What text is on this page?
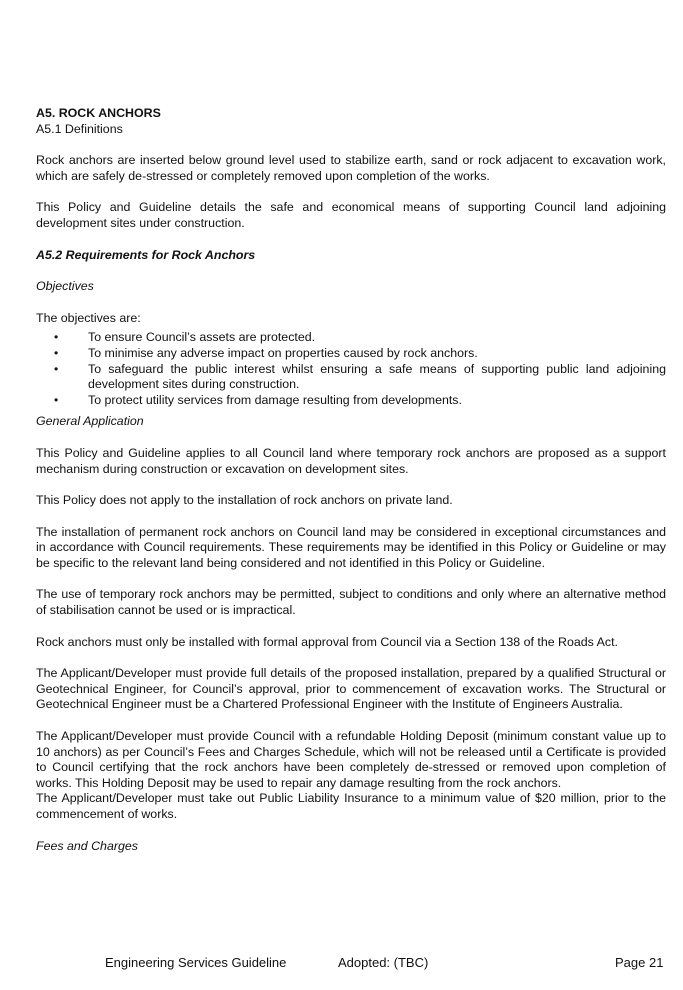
A5. ROCK ANCHORS

A5.1 Definitions

Rock anchors are inserted below ground level used to stabilize earth, sand or rock adjacent to excavation work, which are safely de-stressed or completely removed upon completion of the works.

This Policy and Guideline details the safe and economical means of supporting Council land adjoining development sites under construction.

A5.2 Requirements for Rock Anchors

Objectives

The objectives are:

• To ensure Council’s assets are protected.
• To minimise any adverse impact on properties caused by rock anchors.
• To safeguard the public interest whilst ensuring a safe means of supporting public land adjoining development sites during construction.
• To protect utility services from damage resulting from developments.

General Application

This Policy and Guideline applies to all Council land where temporary rock anchors are proposed as a support mechanism during construction or excavation on development sites.

This Policy does not apply to the installation of rock anchors on private land.

The installation of permanent rock anchors on Council land may be considered in exceptional circumstances and in accordance with Council requirements. These requirements may be identified in this Policy or Guideline or may be specific to the relevant land being considered and not identified in this Policy or Guideline.

The use of temporary rock anchors may be permitted, subject to conditions and only where an alternative method of stabilisation cannot be used or is impractical.

Rock anchors must only be installed with formal approval from Council via a Section 138 of the Roads Act.

The Applicant/Developer must provide full details of the proposed installation, prepared by a qualified Structural or Geotechnical Engineer, for Council’s approval, prior to commencement of excavation works. The Structural or Geotechnical Engineer must be a Chartered Professional Engineer with the Institute of Engineers Australia.

The Applicant/Developer must provide Council with a refundable Holding Deposit (minimum constant value up to 10 anchors) as per Council’s Fees and Charges Schedule, which will not be released until a Certificate is provided to Council certifying that the rock anchors have been completely de-stressed or removed upon completion of works. This Holding Deposit may be used to repair any damage resulting from the rock anchors.

The Applicant/Developer must take out Public Liability Insurance to a minimum value of $20 million, prior to the commencement of works.

Fees and Charges

Engineering Services Guideline	Adopted: (TBC)	Page 21
